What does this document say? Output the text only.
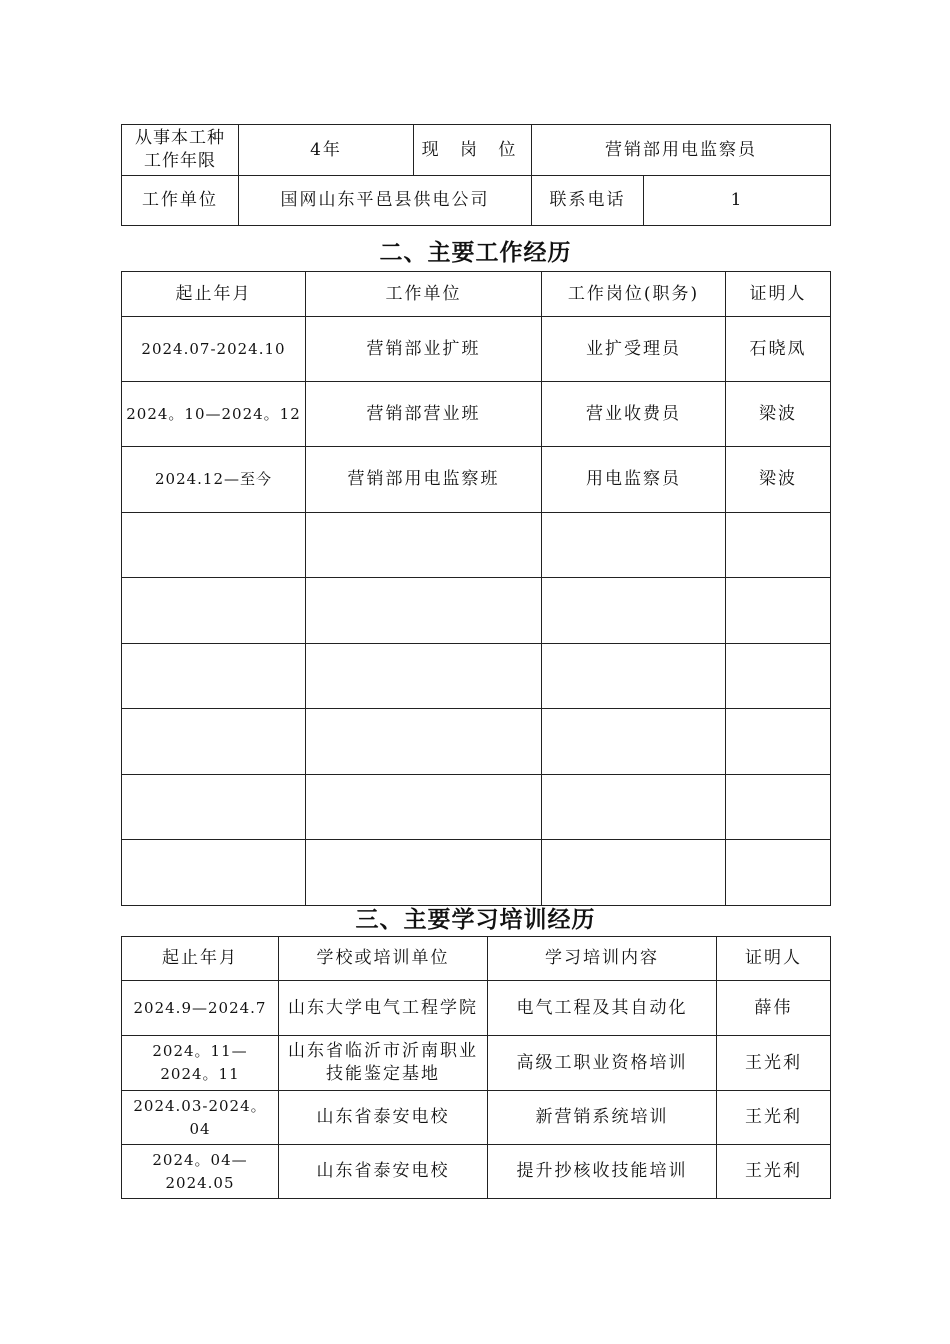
从事本工种工作年限	4年	现 岗 位	营销部用电监察员	
工作单位	国网山东平邑县供电公司		联系电话	1
二、主要工作经历
起止年月	工作单位	工作岗位(职务)	证明人
2024.07-2024.10	营销部业扩班	业扩受理员	石晓凤
2024。10—2024。12	营销部营业班	营业收费员	梁波
2024.12—至今	营销部用电监察班	用电监察员	梁波

三、主要学习培训经历
起止年月	学校或培训单位	学习培训内容	证明人
2024.9—2024.7	山东大学电气工程学院	电气工程及其自动化	薛伟
2024。11—2024。11	山东省临沂市沂南职业技能鉴定基地	高级工职业资格培训	王光利
2024.03-2024。04	山东省泰安电校	新营销系统培训	王光利
2024。04—2024.05	山东省泰安电校	提升抄核收技能培训	王光利
